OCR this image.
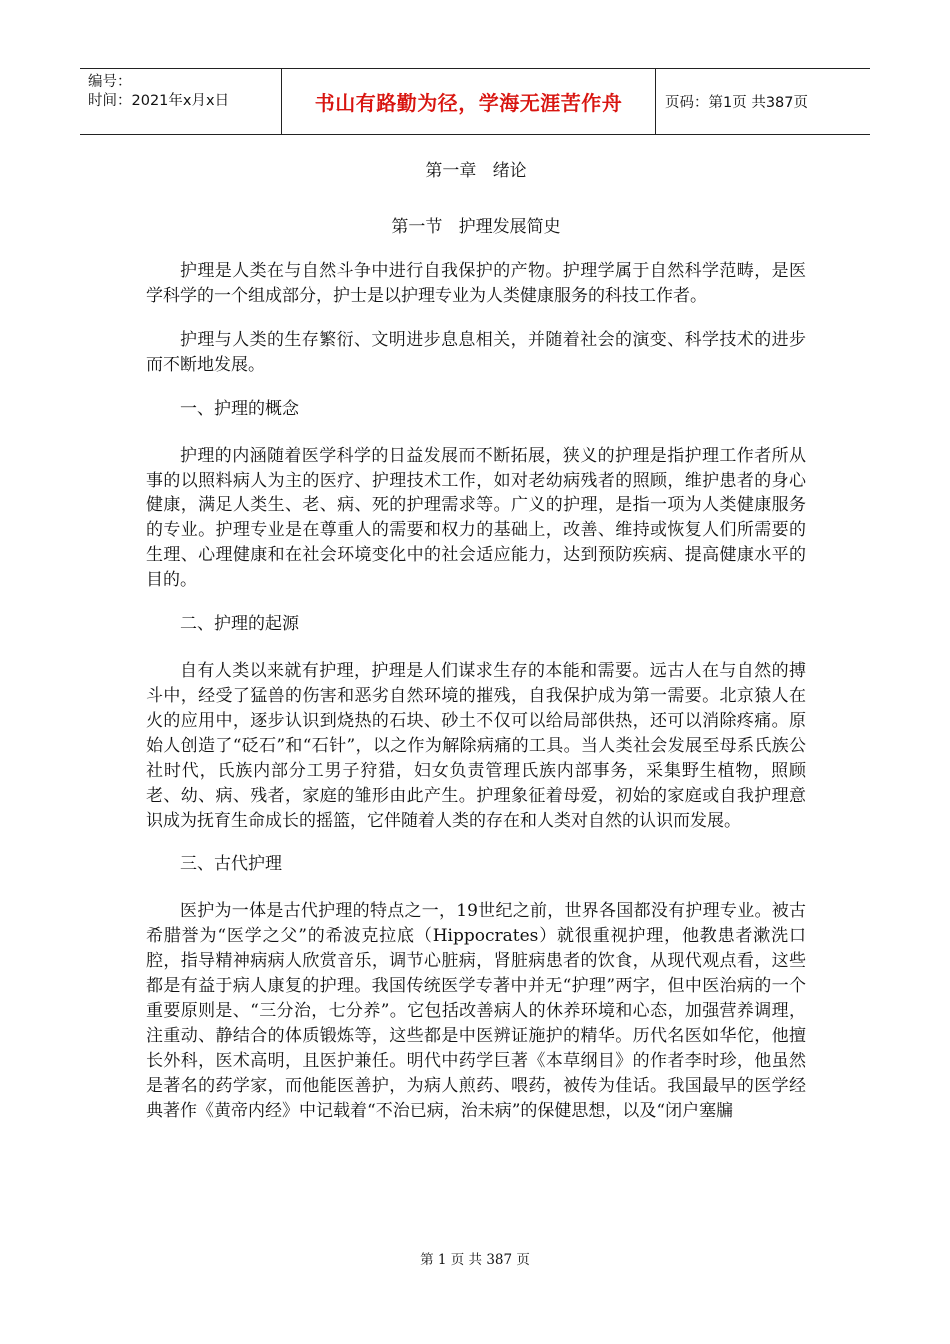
编号：
时间：2021年x月x日	书山有路勤为径，学海无涯苦作舟	页码：第1页 共387页
第一章   绪论
第一节   护理发展简史

护理是人类在与自然斗争中进行自我保护的产物。护理学属于自然科学范畴，是医学科学的一个组成部分，护士是以护理专业为人类健康服务的科技工作者。

护理与人类的生存繁衍、文明进步息息相关，并随着社会的演变、科学技术的进步而不断地发展。

一、护理的概念

护理的内涵随着医学科学的日益发展而不断拓展，狭义的护理是指护理工作者所从事的以照料病人为主的医疗、护理技术工作，如对老幼病残者的照顾，维护患者的身心健康，满足人类生、老、病、死的护理需求等。广义的护理，是指一项为人类健康服务的专业。护理专业是在尊重人的需要和权力的基础上，改善、维持或恢复人们所需要的生理、心理健康和在社会环境变化中的社会适应能力，达到预防疾病、提高健康水平的目的。

二、护理的起源

自有人类以来就有护理，护理是人们谋求生存的本能和需要。远古人在与自然的搏斗中，经受了猛兽的伤害和恶劣自然环境的摧残，自我保护成为第一需要。北京猿人在火的应用中，逐步认识到烧热的石块、砂土不仅可以给局部供热，还可以消除疼痛。原始人创造了“砭石”和“石针”，以之作为解除病痛的工具。当人类社会发展至母系氏族公社时代，氏族内部分工男子狩猎，妇女负责管理氏族内部事务，采集野生植物，照顾老、幼、病、残者，家庭的雏形由此产生。护理象征着母爱，初始的家庭或自我护理意识成为抚育生命成长的摇篮，它伴随着人类的存在和人类对自然的认识而发展。

三、古代护理

医护为一体是古代护理的特点之一，19世纪之前，世界各国都没有护理专业。被古希腊誉为“医学之父”的希波克拉底（Hippocrates）就很重视护理，他教患者漱洗口腔，指导精神病病人欣赏音乐，调节心脏病，肾脏病患者的饮食，从现代观点看，这些都是有益于病人康复的护理。我国传统医学专著中并无“护理”两字，但中医治病的一个重要原则是、“三分治，七分养”。它包括改善病人的休养环境和心态，加强营养调理，注重动、静结合的体质锻炼等，这些都是中医辨证施护的精华。历代名医如华佗，他擅长外科，医术高明，且医护兼任。明代中药学巨著《本草纲目》的作者李时珍，他虽然是著名的药学家，而他能医善护，为病人煎药、喂药，被传为佳话。我国最早的医学经典著作《黄帝内经》中记载着“不治已病，治未病”的保健思想，以及“闭户塞牖

第 1 页 共 387 页
